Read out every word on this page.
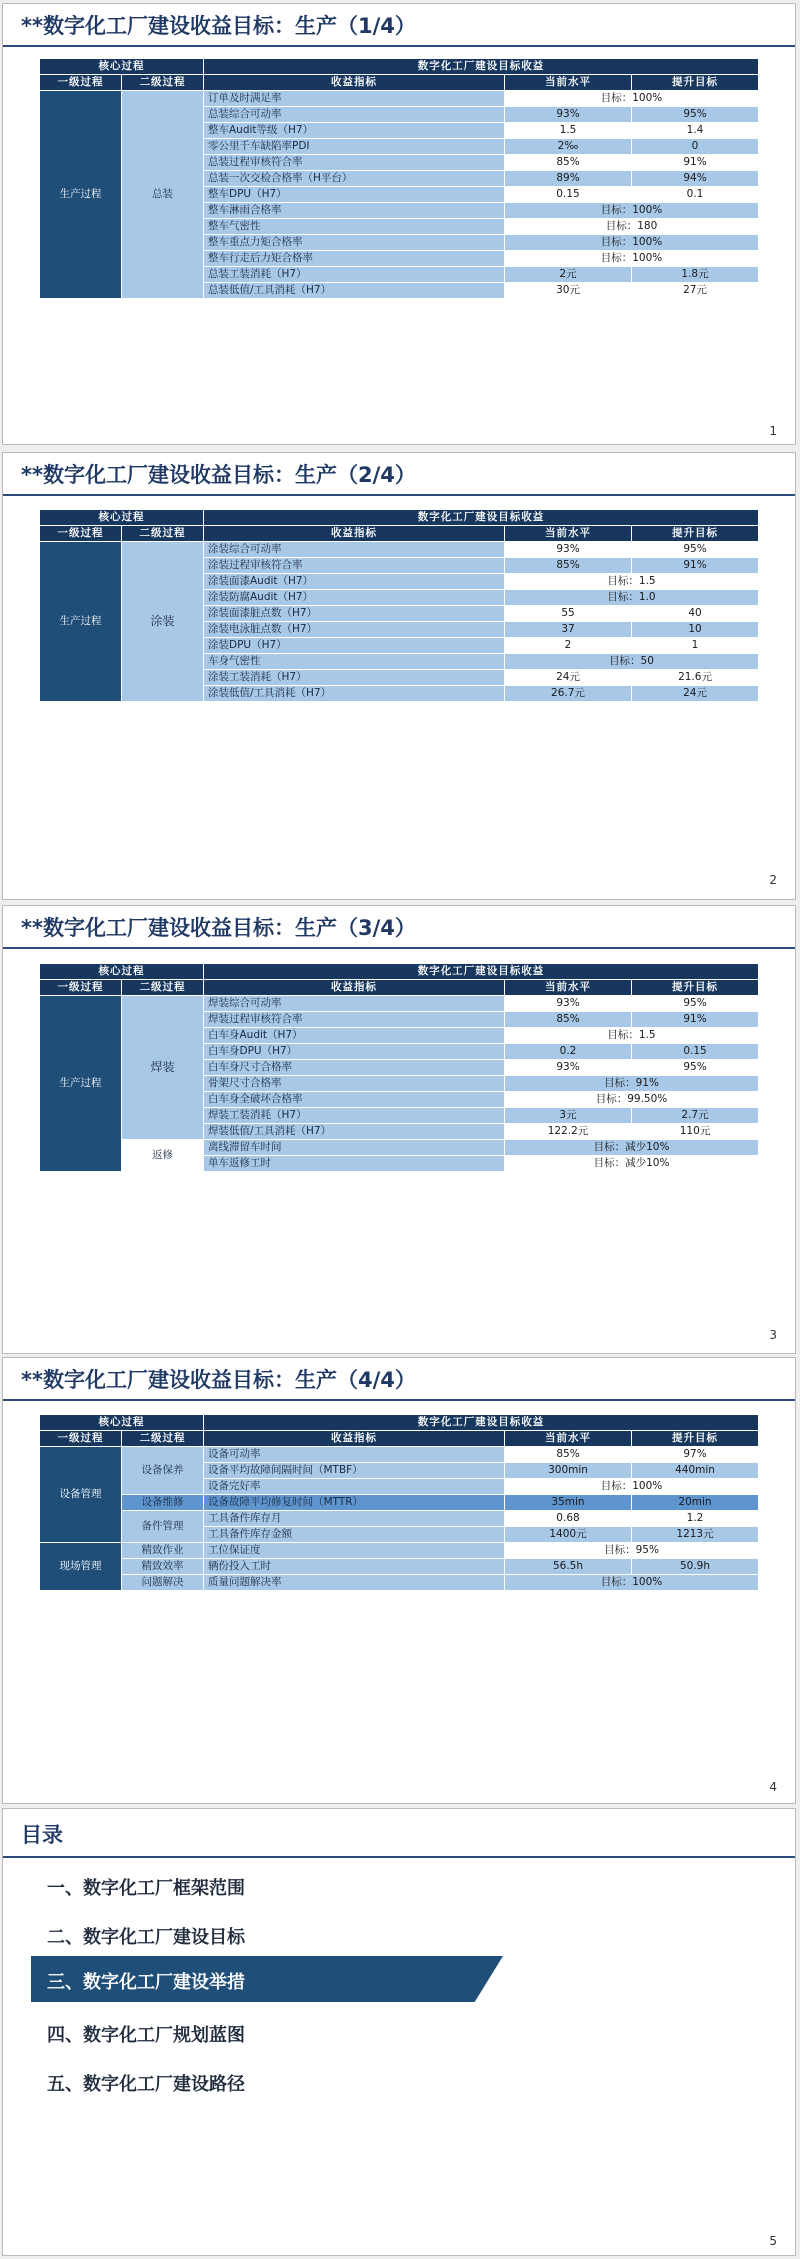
**数字化工厂建设收益目标：生产（1/4）
核心过程		数字化工厂建设目标收益		
一级过程	二级过程	收益指标	当前水平	提升目标
生产过程	总装	订单及时满足率	目标：100%	
		总装综合可动率	93%	95%
		整车Audit等级（H7）	1.5	1.4
		零公里千车缺陷率PDI	2‰	0
		总装过程审核符合率	85%	91%
		总装一次交检合格率（H平台）	89%	94%
		整车DPU（H7）	0.15	0.1
		整车淋雨合格率	目标：100%	
		整车气密性	目标：180	
		整车重点力矩合格率	目标：100%	
		整车行走后力矩合格率	目标：100%	
		总装工装消耗（H7）	2元	1.8元
		总装低值/工具消耗（H7）	30元	27元
1
**数字化工厂建设收益目标：生产（2/4）
核心过程		数字化工厂建设目标收益		
一级过程	二级过程	收益指标	当前水平	提升目标
生产过程	涂装	涂装综合可动率	93%	95%
		涂装过程审核符合率	85%	91%
		涂装面漆Audit（H7）	目标：1.5	
		涂装防腐Audit（H7）	目标：1.0	
		涂装面漆脏点数（H7）	55	40
		涂装电泳脏点数（H7）	37	10
		涂装DPU（H7）	2	1
		车身气密性	目标：50	
		涂装工装消耗（H7）	24元	21.6元
		涂装低值/工具消耗（H7）	26.7元	24元
2
**数字化工厂建设收益目标：生产（3/4）
核心过程		数字化工厂建设目标收益		
一级过程	二级过程	收益指标	当前水平	提升目标
生产过程	焊装	焊装综合可动率	93%	95%
		焊装过程审核符合率	85%	91%
		白车身Audit（H7）	目标：1.5	
		白车身DPU（H7）	0.2	0.15
		白车身尺寸合格率	93%	95%
		骨架尺寸合格率	目标：91%	
		白车身全破坏合格率	目标：99.50%	
		焊装工装消耗（H7）	3元	2.7元
		焊装低值/工具消耗（H7）	122.2元	110元
	返修	离线滞留车时间	目标：减少10%	
		单车返修工时	目标：减少10%	
3
**数字化工厂建设收益目标：生产（4/4）
核心过程		数字化工厂建设目标收益		
一级过程	二级过程	收益指标	当前水平	提升目标
设备管理	设备保养	设备可动率	85%	97%
		设备平均故障间隔时间（MTBF）	300min	440min
		设备完好率	目标：100%	
	设备维修	设备故障平均修复时间（MTTR）	35min	20min
	备件管理	工具备件库存月	0.68	1.2
		工具备件库存金额	1400元	1213元
现场管理	精致作业	工位保证度	目标：95%	
	精致效率	辆份投入工时	56.5h	50.9h
	问题解决	质量问题解决率	目标：100%	
4
目录
一、数字化工厂框架范围
二、数字化工厂建设目标
三、数字化工厂建设举措
四、数字化工厂规划蓝图
五、数字化工厂建设路径
5
